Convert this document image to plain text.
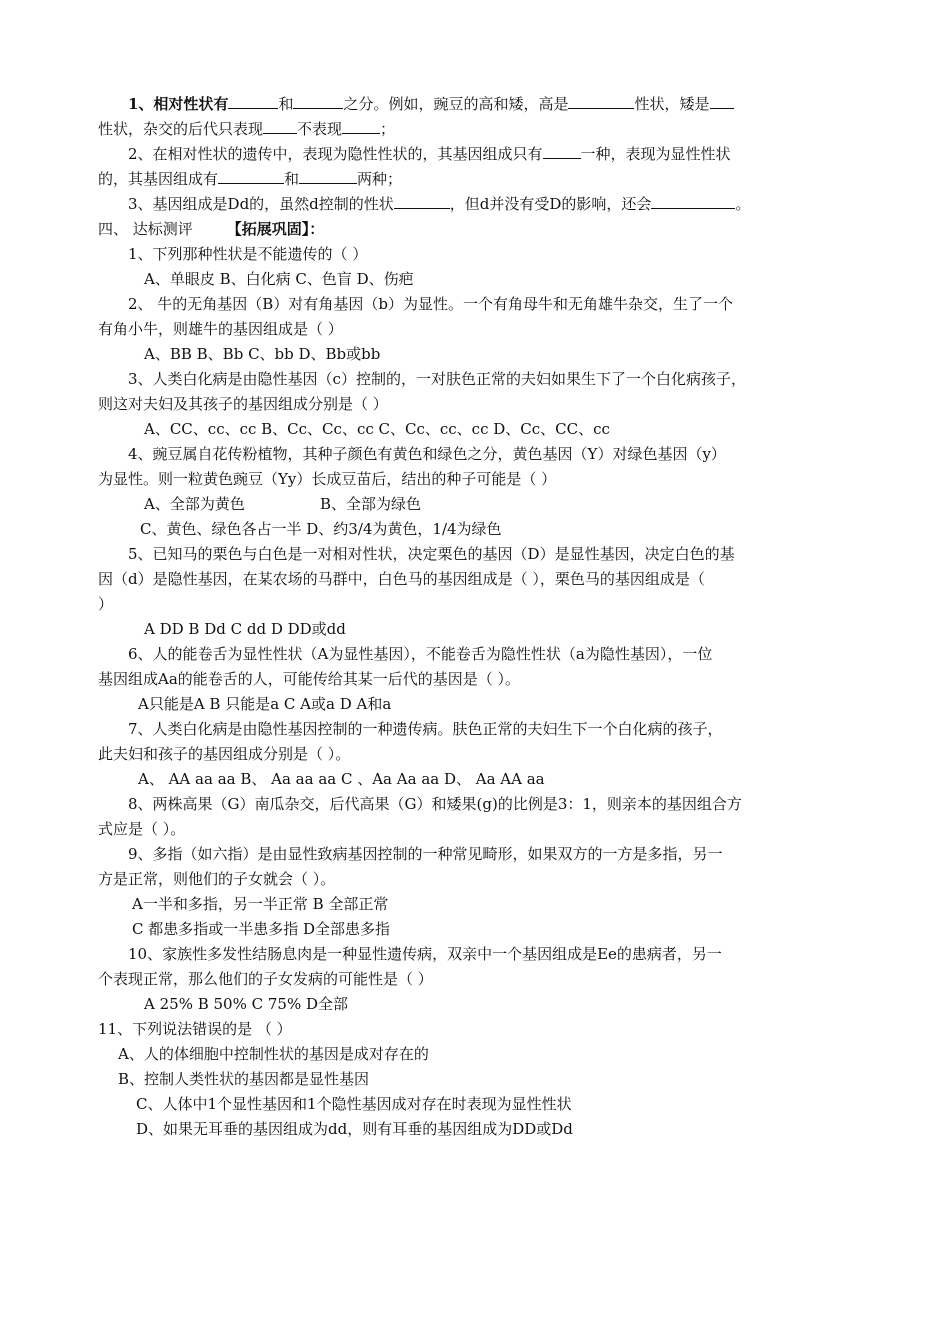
1、相对性状有	和	之分。例如，豌豆的高和矮，高是	性状，矮是
性状，杂交的后代只表现 不表现	；
2、在相对性状的遗传中，表现为隐性性状的，其基因组成只有	一种，表现为显性性状
的，其基因组成有	和	两种；
3、基因组成是Dd的，虽然d控制的性状	，但d并没有受D的影响，还会	。
四、 达标测评 【拓展巩固】：
1、下列那种性状是不能遗传的（ ）
A、单眼皮 B、白化病 C、色盲 D、伤疤
2、 牛的无角基因（B）对有角基因（b）为显性。一个有角母牛和无角雄牛杂交，生了一个
有角小牛，则雄牛的基因组成是（ ）
A、BB B、Bb C、bb D、Bb或bb
3、人类白化病是由隐性基因（c）控制的，一对肤色正常的夫妇如果生下了一个白化病孩子，
则这对夫妇及其孩子的基因组成分别是（ ）
A、CC、cc、cc B、Cc、Cc、cc C、Cc、cc、cc D、Cc、CC、cc
4、豌豆属自花传粉植物，其种子颜色有黄色和绿色之分，黄色基因（Y）对绿色基因（y）
为显性。则一粒黄色豌豆（Yy）长成豆苗后，结出的种子可能是（ ）
A、全部为黄色	B、全部为绿色
C、黄色、绿色各占一半 D、约3/4为黄色，1/4为绿色
5、已知马的栗色与白色是一对相对性状，决定栗色的基因（D）是显性基因，决定白色的基
因（d）是隐性基因，在某农场的马群中，白色马的基因组成是（ ），栗色马的基因组成是（
）
A DD B Dd C dd D DD或dd
6、人的能卷舌为显性性状（A为显性基因），不能卷舌为隐性性状（a为隐性基因），一位
基因组成Aa的能卷舌的人，可能传给其某一后代的基因是（ ）。
A只能是A B 只能是a C A或a D A和a
7、人类白化病是由隐性基因控制的一种遗传病。肤色正常的夫妇生下一个白化病的孩子，
此夫妇和孩子的基因组成分别是（ ）。
A、 AA aa aa B、 Aa aa aa C 、Aa Aa aa D、 Aa AA aa
8、两株高果（G）南瓜杂交，后代高果（G）和矮果(g)的比例是3：1，则亲本的基因组合方
式应是（ ）。
9、多指（如六指）是由显性致病基因控制的一种常见畸形，如果双方的一方是多指，另一
方是正常，则他们的子女就会（ ）。
A一半和多指，另一半正常 B 全部正常
C 都患多指或一半患多指 D全部患多指
10、家族性多发性结肠息肉是一种显性遗传病，双亲中一个基因组成是Ee的患病者，另一
个表现正常，那么他们的子女发病的可能性是（ ）
A 25% B 50% C 75% D全部
11、下列说法错误的是 （ ）
A、人的体细胞中控制性状的基因是成对存在的
B、控制人类性状的基因都是显性基因
C、人体中1个显性基因和1个隐性基因成对存在时表现为显性性状
D、如果无耳垂的基因组成为dd，则有耳垂的基因组成为DD或Dd
